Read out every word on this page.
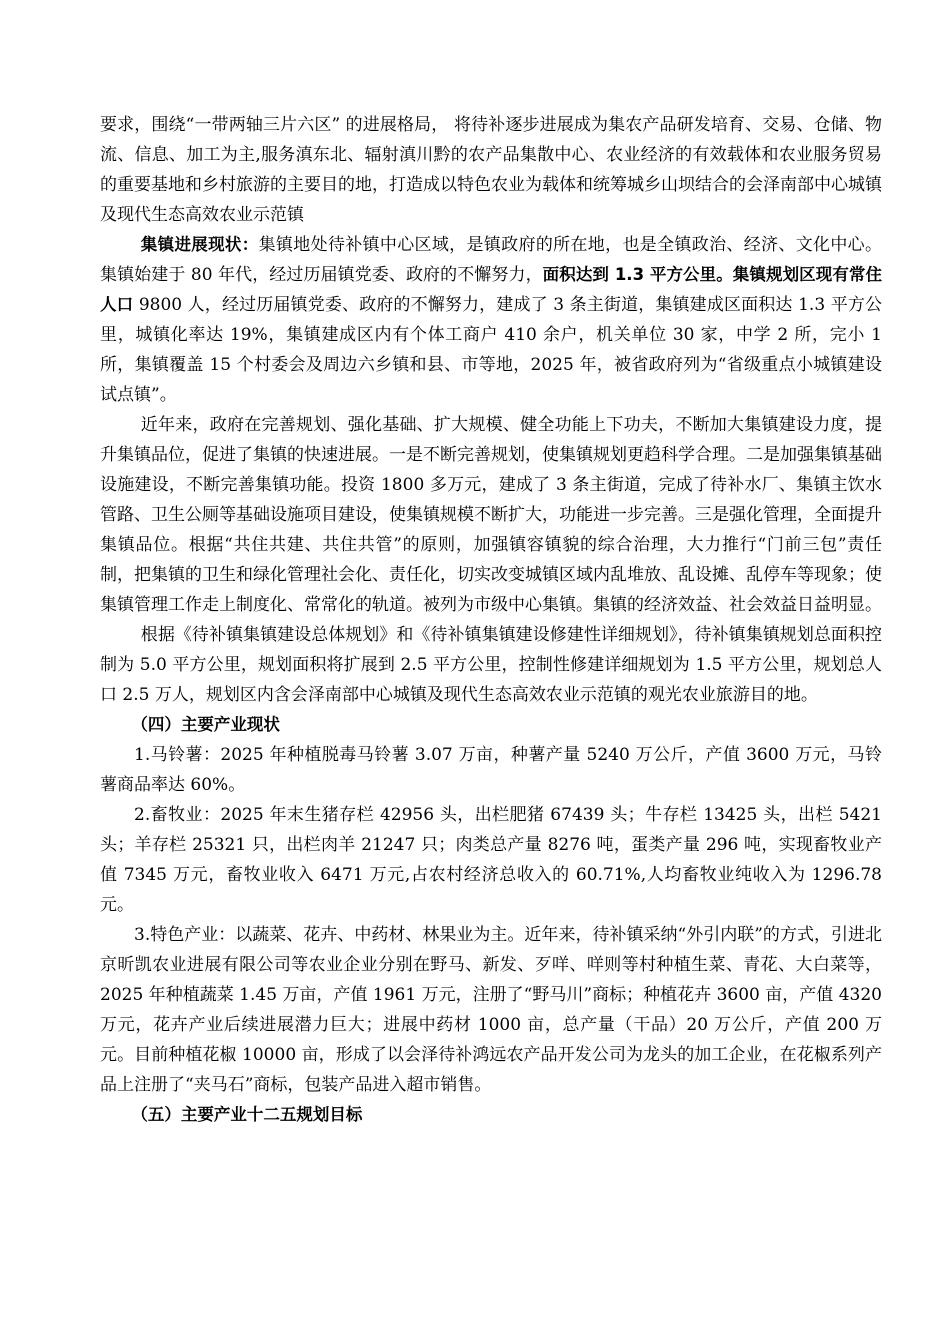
要求，围绕“一带两轴三片六区” 的进展格局， 将待补逐步进展成为集农产品研发培育、交易、仓储、物流、信息、加工为主,服务滇东北、辐射滇川黔的农产品集散中心、农业经济的有效载体和农业服务贸易的重要基地和乡村旅游的主要目的地，打造成以特色农业为载体和统筹城乡山坝结合的会泽南部中心城镇及现代生态高效农业示范镇

集镇进展现状：集镇地处待补镇中心区域，是镇政府的所在地，也是全镇政治、经济、文化中心。集镇始建于 80 年代，经过历届镇党委、政府的不懈努力，面积达到 1.3 平方公里。集镇规划区现有常住人口 9800 人，经过历届镇党委、政府的不懈努力，建成了 3 条主街道，集镇建成区面积达 1.3 平方公里，城镇化率达 19%，集镇建成区内有个体工商户 410 余户，机关单位 30 家，中学 2 所，完小 1 所，集镇覆盖 15 个村委会及周边六乡镇和县、市等地，2025 年，被省政府列为“省级重点小城镇建设试点镇”。

近年来，政府在完善规划、强化基础、扩大规模、健全功能上下功夫，不断加大集镇建设力度，提升集镇品位，促进了集镇的快速进展。一是不断完善规划，使集镇规划更趋科学合理。二是加强集镇基础设施建设，不断完善集镇功能。投资 1800 多万元，建成了 3 条主街道，完成了待补水厂、集镇主饮水管路、卫生公厕等基础设施项目建设，使集镇规模不断扩大，功能进一步完善。三是强化管理，全面提升集镇品位。根据“共住共建、共住共管”的原则，加强镇容镇貌的综合治理，大力推行“门前三包”责任制，把集镇的卫生和绿化管理社会化、责任化，切实改变城镇区域内乱堆放、乱设摊、乱停车等现象；使集镇管理工作走上制度化、常常化的轨道。被列为市级中心集镇。集镇的经济效益、社会效益日益明显。

根据《待补镇集镇建设总体规划》和《待补镇集镇建设修建性详细规划》，待补镇集镇规划总面积控制为 5.0 平方公里，规划面积将扩展到 2.5 平方公里，控制性修建详细规划为 1.5 平方公里，规划总人口 2.5 万人，规划区内含会泽南部中心城镇及现代生态高效农业示范镇的观光农业旅游目的地。

（四）主要产业现状

1.马铃薯：2025 年种植脱毒马铃薯 3.07 万亩，种薯产量 5240 万公斤，产值 3600 万元，马铃薯商品率达 60%。

2.畜牧业：2025 年末生猪存栏 42956 头，出栏肥猪 67439 头；牛存栏 13425 头，出栏 5421 头；羊存栏 25321 只，出栏肉羊 21247 只；肉类总产量 8276 吨，蛋类产量 296 吨，实现畜牧业产值 7345 万元，畜牧业收入 6471 万元,占农村经济总收入的 60.71%,人均畜牧业纯收入为 1296.78 元。

3.特色产业：以蔬菜、花卉、中药材、林果业为主。近年来，待补镇采纳“外引内联”的方式，引进北京昕凯农业进展有限公司等农业企业分别在野马、新发、歹咩、咩则等村种植生菜、青花、大白菜等，2025 年种植蔬菜 1.45 万亩，产值 1961 万元，注册了“野马川”商标；种植花卉 3600 亩，产值 4320 万元，花卉产业后续进展潜力巨大；进展中药材 1000 亩，总产量（干品）20 万公斤，产值 200 万元。目前种植花椒 10000 亩，形成了以会泽待补鸿远农产品开发公司为龙头的加工企业，在花椒系列产品上注册了“夹马石”商标，包装产品进入超市销售。

（五）主要产业十二五规划目标
